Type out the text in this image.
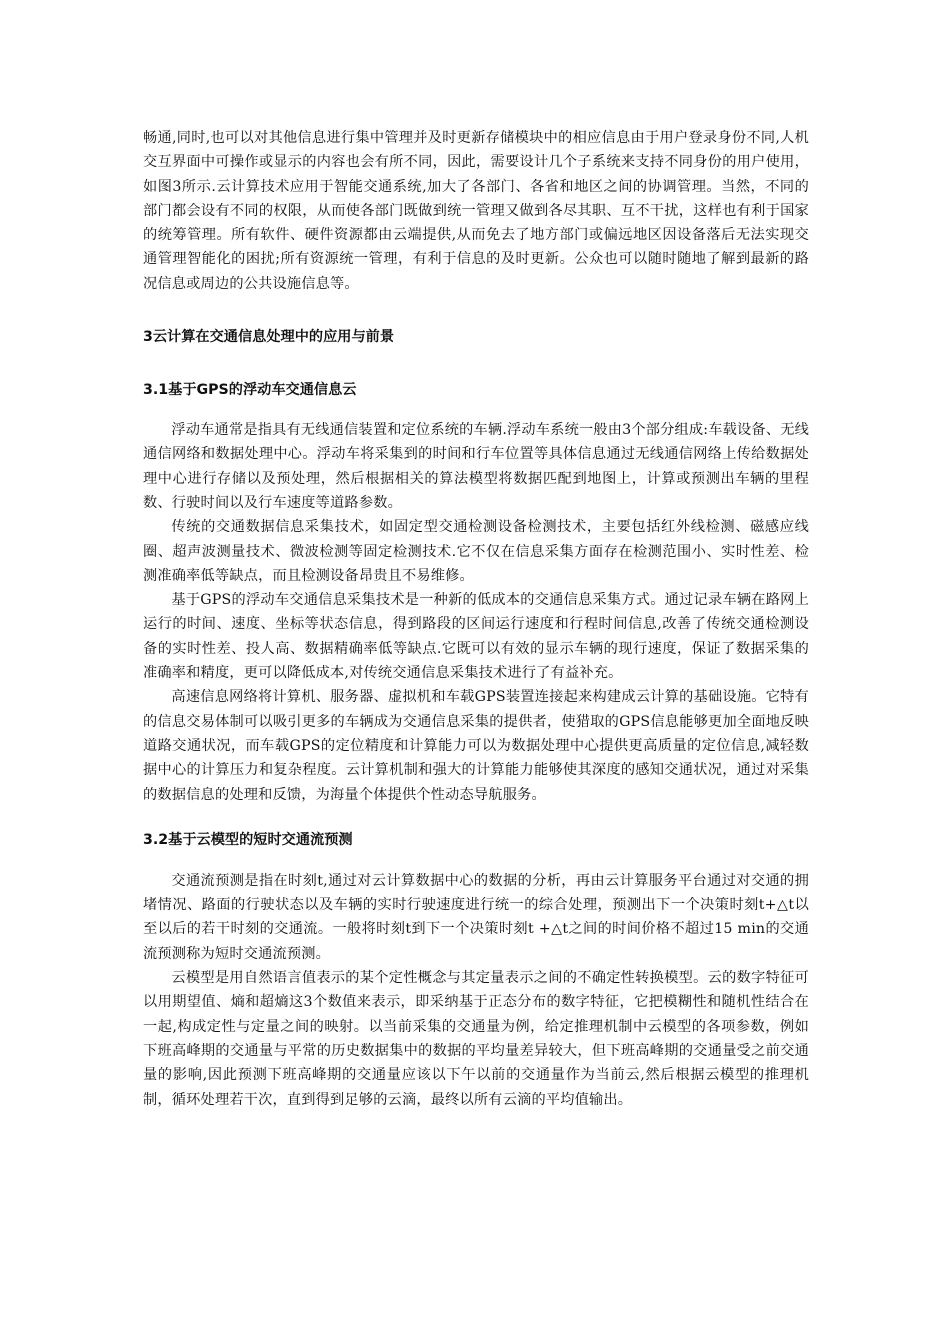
畅通,同时,也可以对其他信息进行集中管理并及时更新存储模块中的相应信息由于用户登录身份不同,人机交互界面中可操作或显示的内容也会有所不同，因此，需要设计几个子系统来支持不同身份的用户使用，如图3所示.云计算技术应用于智能交通系统,加大了各部门、各省和地区之间的协调管理。当然，不同的部门都会设有不同的权限，从而使各部门既做到统一管理又做到各尽其职、互不干扰，这样也有利于国家的统筹管理。所有软件、硬件资源都由云端提供,从而免去了地方部门或偏远地区因设备落后无法实现交通管理智能化的困扰;所有资源统一管理，有利于信息的及时更新。公众也可以随时随地了解到最新的路况信息或周边的公共设施信息等。

3云计算在交通信息处理中的应用与前景
3.1基于GPS的浮动车交通信息云

浮动车通常是指具有无线通信装置和定位系统的车辆.浮动车系统一般由3个部分组成:车载设备、无线通信网络和数据处理中心。浮动车将采集到的时间和行车位置等具体信息通过无线通信网络上传给数据处理中心进行存储以及预处理，然后根据相关的算法模型将数据匹配到地图上，计算或预测出车辆的里程数、行驶时间以及行车速度等道路参数。

传统的交通数据信息采集技术，如固定型交通检测设备检测技术，主要包括红外线检测、磁感应线圈、超声波测量技术、微波检测等固定检测技术.它不仅在信息采集方面存在检测范围小、实时性差、检测准确率低等缺点，而且检测设备昂贵且不易维修。

基于GPS的浮动车交通信息采集技术是一种新的低成本的交通信息采集方式。通过记录车辆在路网上运行的时间、速度、坐标等状态信息，得到路段的区间运行速度和行程时间信息,改善了传统交通检测设备的实时性差、投人高、数据精确率低等缺点.它既可以有效的显示车辆的现行速度，保证了数据采集的准确率和精度，更可以降低成本,对传统交通信息采集技术进行了有益补充。

高速信息网络将计算机、服务器、虚拟机和车载GPS装置连接起来构建成云计算的基础设施。它特有的信息交易体制可以吸引更多的车辆成为交通信息采集的提供者，使猎取的GPS信息能够更加全面地反映道路交通状况，而车载GPS的定位精度和计算能力可以为数据处理中心提供更高质量的定位信息,减轻数据中心的计算压力和复杂程度。云计算机制和强大的计算能力能够使其深度的感知交通状况，通过对采集的数据信息的处理和反馈，为海量个体提供个性动态导航服务。

3.2基于云模型的短时交通流预测

交通流预测是指在时刻t,通过对云计算数据中心的数据的分析，再由云计算服务平台通过对交通的拥堵情况、路面的行驶状态以及车辆的实时行驶速度进行统一的综合处理，预测出下一个决策时刻t+△t以至以后的若干时刻的交通流。一般将时刻t到下一个决策时刻t +△t之间的时间价格不超过15 min的交通流预测称为短时交通流预测。

云模型是用自然语言值表示的某个定性概念与其定量表示之间的不确定性转换模型。云的数字特征可以用期望值、熵和超熵这3个数值来表示，即采纳基于正态分布的数字特征，它把模糊性和随机性结合在一起,构成定性与定量之间的映射。以当前采集的交通量为例，给定推理机制中云模型的各项参数，例如下班高峰期的交通量与平常的历史数据集中的数据的平均量差异较大，但下班高峰期的交通量受之前交通量的影响,因此预测下班高峰期的交通量应该以下午以前的交通量作为当前云,然后根据云模型的推理机制，循环处理若干次，直到得到足够的云滴，最终以所有云滴的平均值输出。
